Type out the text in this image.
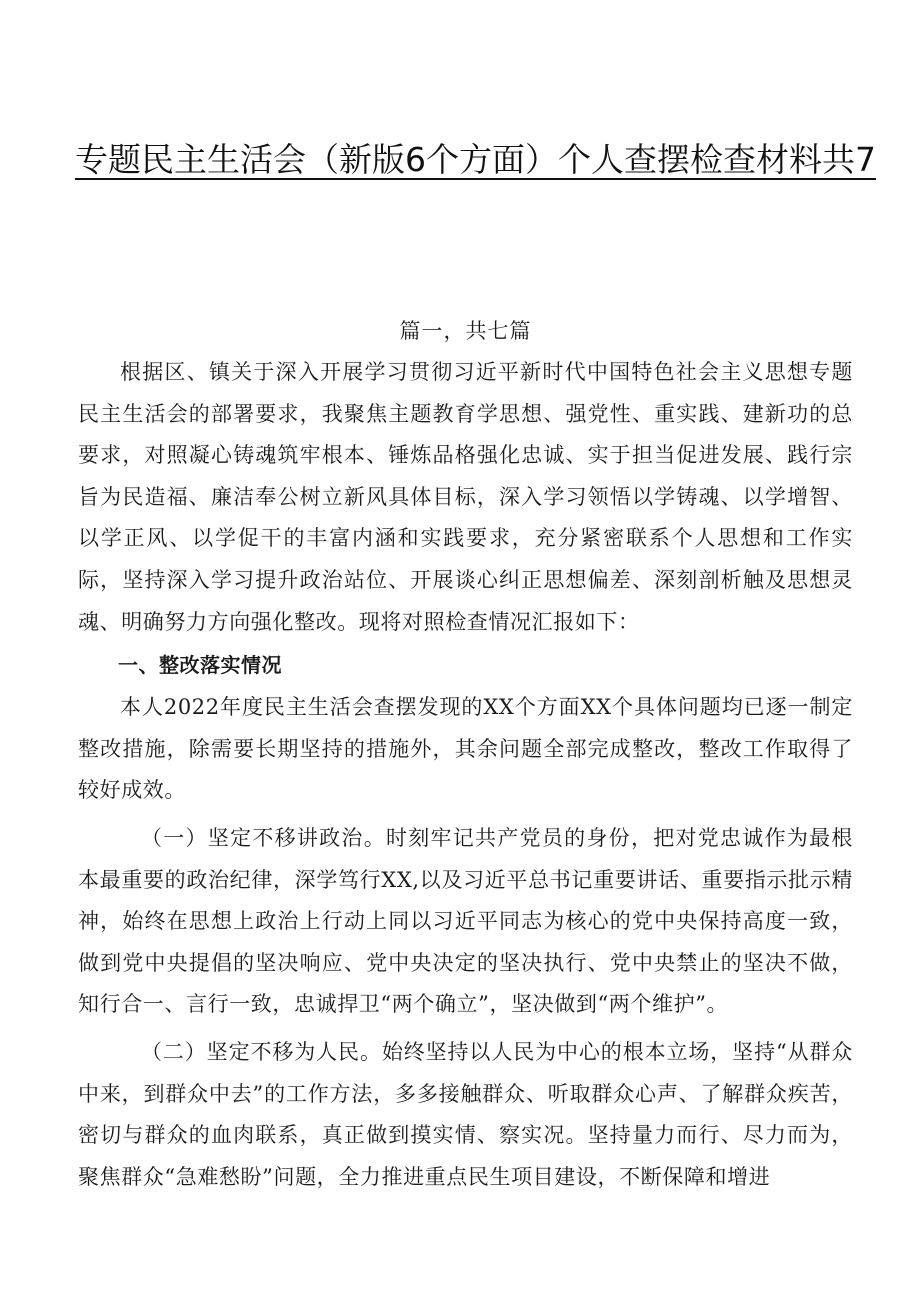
专题民主生活会（新版6个方面）个人查摆检查材料共7

篇一，共七篇

根据区、镇关于深入开展学习贯彻习近平新时代中国特色社会主义思想专题民主生活会的部署要求，我聚焦主题教育学思想、强党性、重实践、建新功的总要求，对照凝心铸魂筑牢根本、锤炼品格强化忠诚、实于担当促进发展、践行宗旨为民造福、廉洁奉公树立新风具体目标，深入学习领悟以学铸魂、以学增智、以学正风、以学促干的丰富内涵和实践要求，充分紧密联系个人思想和工作实际，坚持深入学习提升政治站位、开展谈心纠正思想偏差、深刻剖析触及思想灵魂、明确努力方向强化整改。现将对照检查情况汇报如下：

一、整改落实情况

本人2022年度民主生活会查摆发现的XX个方面XX个具体问题均已逐一制定整改措施，除需要长期坚持的措施外，其余问题全部完成整改，整改工作取得了较好成效。

（一）坚定不移讲政治。时刻牢记共产党员的身份，把对党忠诚作为最根本最重要的政治纪律，深学笃行XX,以及习近平总书记重要讲话、重要指示批示精神，始终在思想上政治上行动上同以习近平同志为核心的党中央保持高度一致，做到党中央提倡的坚决响应、党中央决定的坚决执行、党中央禁止的坚决不做，知行合一、言行一致，忠诚捍卫“两个确立”，坚决做到“两个维护”。

（二）坚定不移为人民。始终坚持以人民为中心的根本立场，坚持“从群众中来，到群众中去”的工作方法，多多接触群众、听取群众心声、了解群众疾苦，密切与群众的血肉联系，真正做到摸实情、察实况。坚持量力而行、尽力而为，聚焦群众“急难愁盼”问题，全力推进重点民生项目建设，不断保障和增进
